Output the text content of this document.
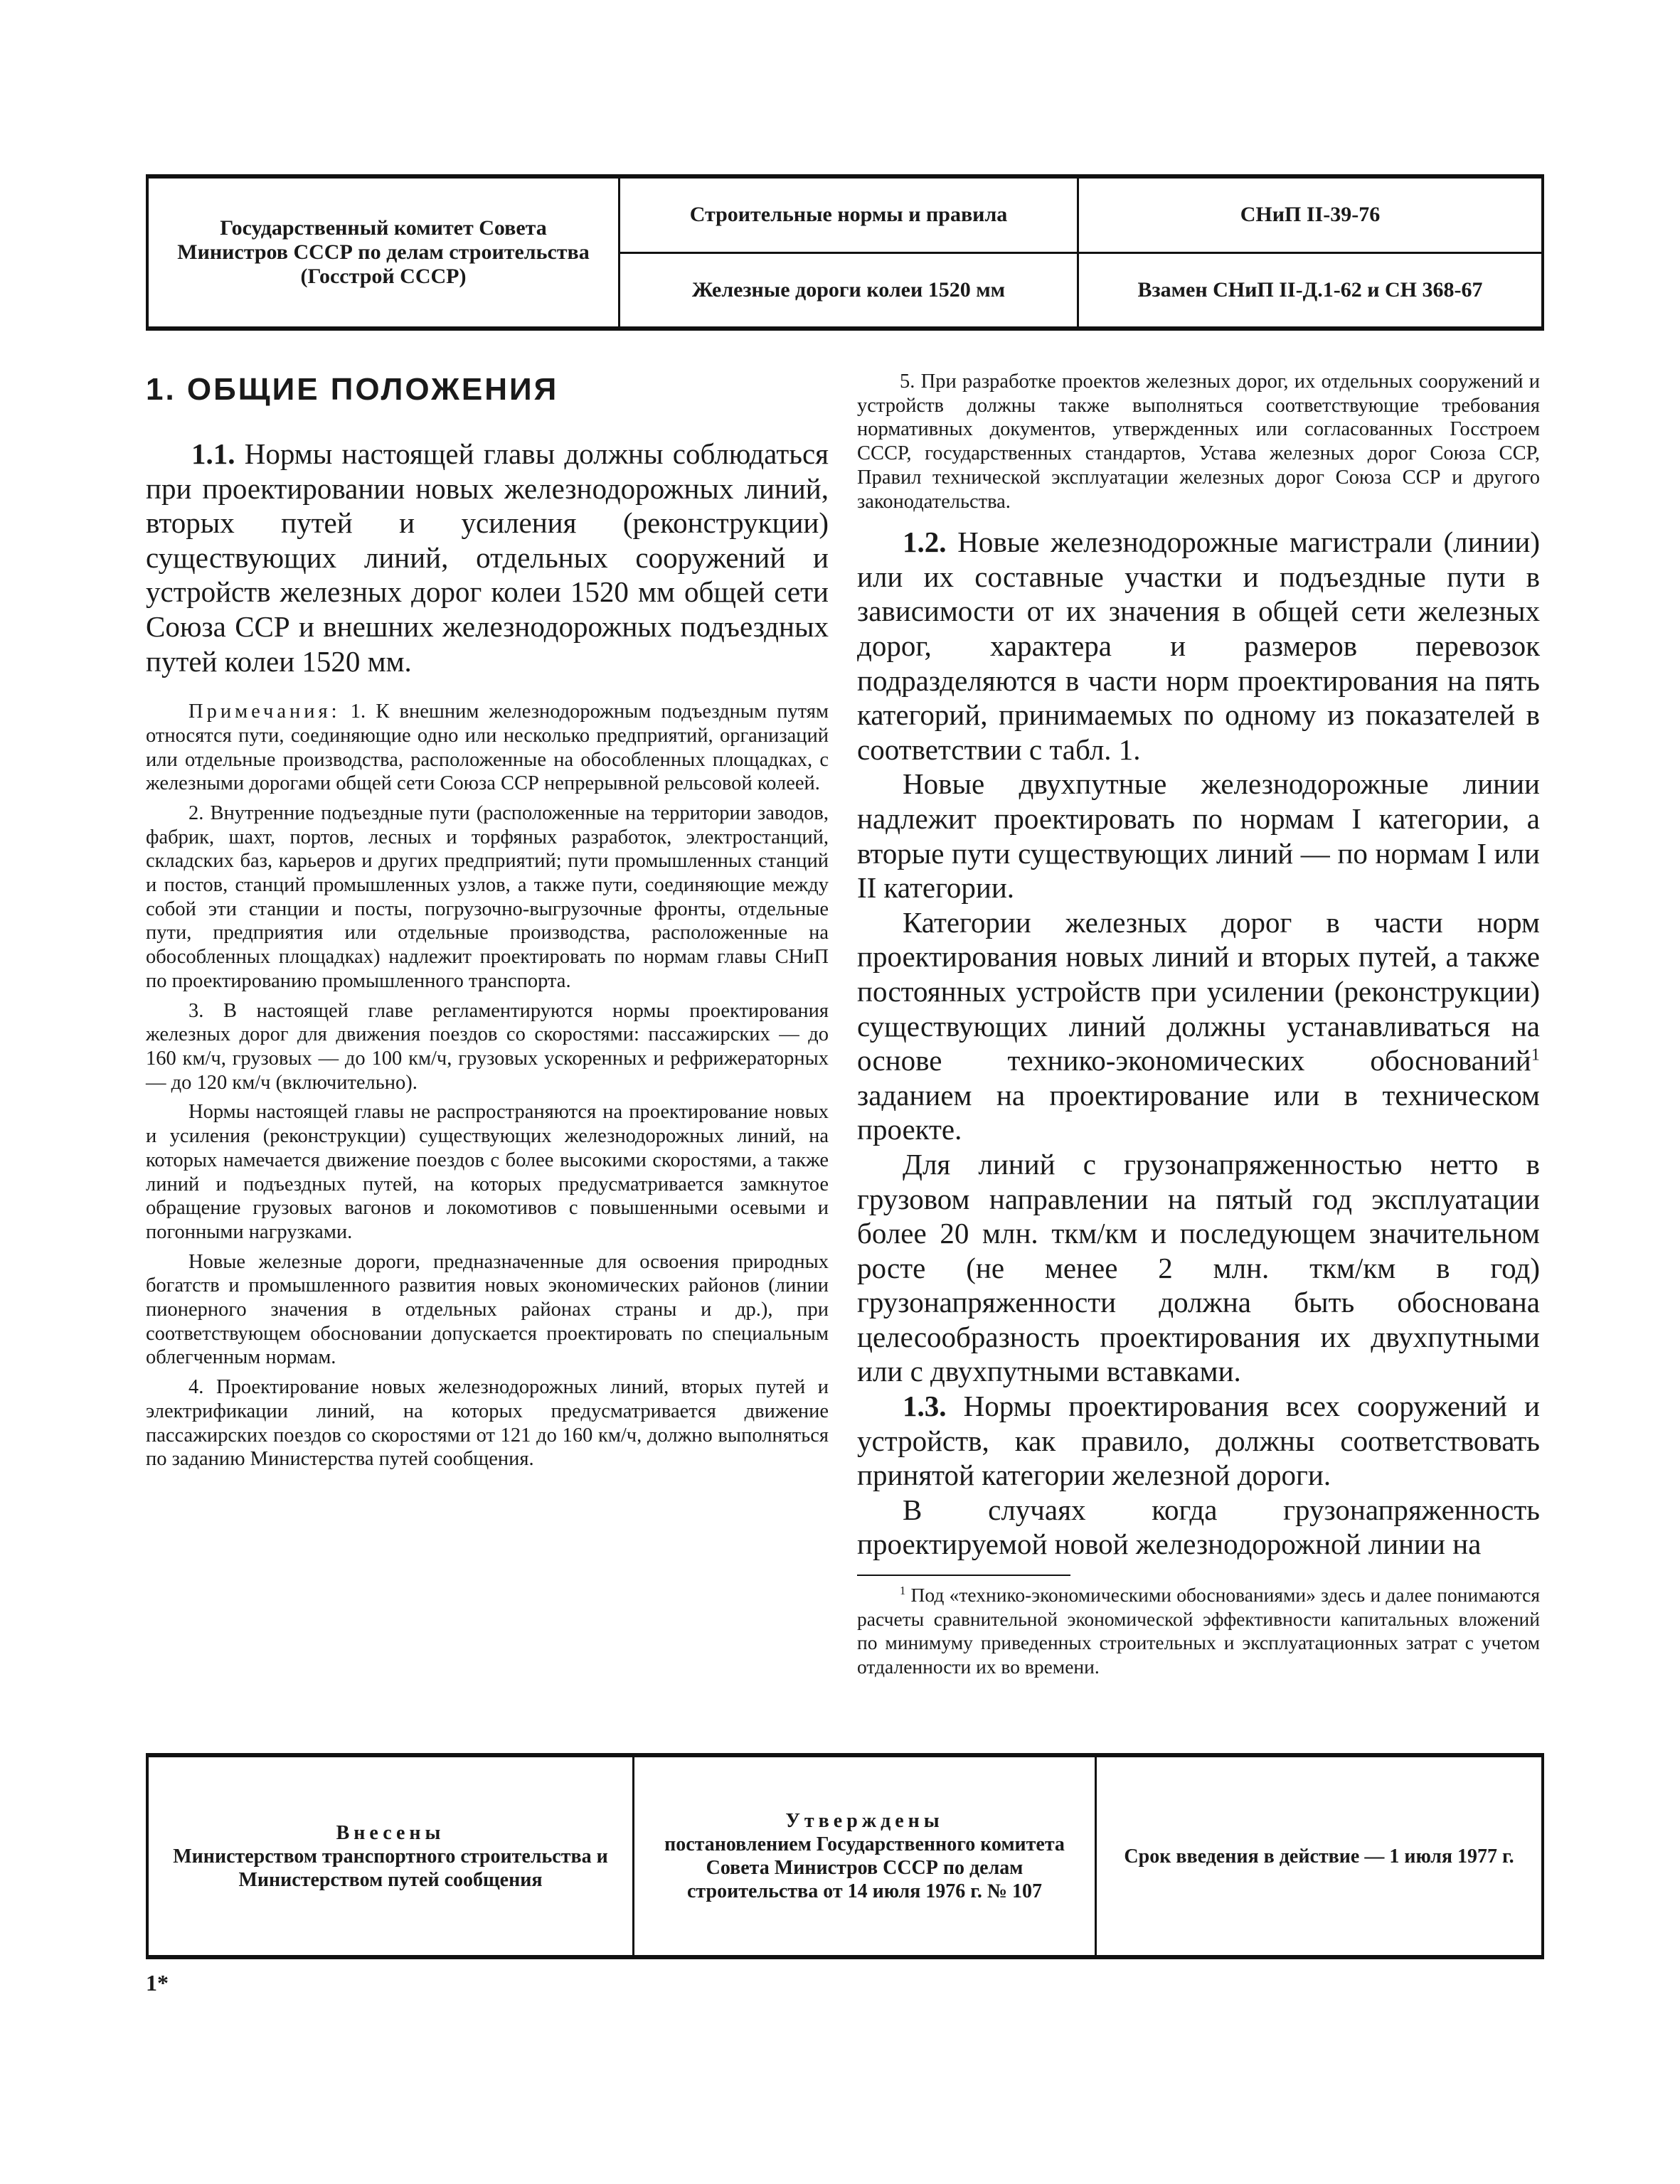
Государственный комитет Совета Министров СССР по делам строительства (Госстрой СССР)
Строительные нормы и правила
Железные дороги колеи 1520 мм
СНиП II-39-76
Взамен СНиП II-Д.1-62 и СН 368-67
1. ОБЩИЕ ПОЛОЖЕНИЯ

1.1. Нормы настоящей главы должны соблюдаться при проектировании новых железнодорожных линий, вторых путей и усиления (реконструкции) существующих линий, отдельных сооружений и устройств железных дорог колеи 1520 мм общей сети Союза ССР и внешних железнодорожных подъездных путей колеи 1520 мм.

Примечания: 1. К внешним железнодорожным подъездным путям относятся пути, соединяющие одно или несколько предприятий, организаций или отдельные производства, расположенные на обособленных площадках, с железными дорогами общей сети Союза ССР непрерывной рельсовой колеей.

2. Внутренние подъездные пути (расположенные на территории заводов, фабрик, шахт, портов, лесных и торфяных разработок, электростанций, складских баз, карьеров и других предприятий; пути промышленных станций и постов, станций промышленных узлов, а также пути, соединяющие между собой эти станции и посты, погрузочно-выгрузочные фронты, отдельные пути, предприятия или отдельные производства, расположенные на обособленных площадках) надлежит проектировать по нормам главы СНиП по проектированию промышленного транспорта.

3. В настоящей главе регламентируются нормы проектирования железных дорог для движения поездов со скоростями: пассажирских — до 160 км/ч, грузовых — до 100 км/ч, грузовых ускоренных и рефрижераторных — до 120 км/ч (включительно).

Нормы настоящей главы не распространяются на проектирование новых и усиления (реконструкции) существующих железнодорожных линий, на которых намечается движение поездов с более высокими скоростями, а также линий и подъездных путей, на которых предусматривается замкнутое обращение грузовых вагонов и локомотивов с повышенными осевыми и погонными нагрузками.

Новые железные дороги, предназначенные для освоения природных богатств и промышленного развития новых экономических районов (линии пионерного значения в отдельных районах страны и др.), при соответствующем обосновании допускается проектировать по специальным облегченным нормам.

4. Проектирование новых железнодорожных линий, вторых путей и электрификации линий, на которых предусматривается движение пассажирских поездов со скоростями от 121 до 160 км/ч, должно выполняться по заданию Министерства путей сообщения.

5. При разработке проектов железных дорог, их отдельных сооружений и устройств должны также выполняться соответствующие требования нормативных документов, утвержденных или согласованных Госстроем СССР, государственных стандартов, Устава железных дорог Союза ССР, Правил технической эксплуатации железных дорог Союза ССР и другого законодательства.

1.2. Новые железнодорожные магистрали (линии) или их составные участки и подъездные пути в зависимости от их значения в общей сети железных дорог, характера и размеров перевозок подразделяются в части норм проектирования на пять категорий, принимаемых по одному из показателей в соответствии с табл. 1.

Новые двухпутные железнодорожные линии надлежит проектировать по нормам I категории, а вторые пути существующих линий — по нормам I или II категории.

Категории железных дорог в части норм проектирования новых линий и вторых путей, а также постоянных устройств при усилении (реконструкции) существующих линий должны устанавливаться на основе технико-экономических обоснований$^1$ заданием на проектирование или в техническом проекте.

Для линий с грузонапряженностью нетто в грузовом направлении на пятый год эксплуатации более 20 млн. ткм/км и последующем значительном росте (не менее 2 млн. ткм/км в год) грузонапряженности должна быть обоснована целесообразность проектирования их двухпутными или с двухпутными вставками.

1.3. Нормы проектирования всех сооружений и устройств, как правило, должны соответствовать принятой категории железной дороги.

В случаях когда грузонапряженность проектируемой новой железнодорожной линии на

$^1$ Под «технико-экономическими обоснованиями» здесь и далее понимаются расчеты сравнительной экономической эффективности капитальных вложений по минимуму приведенных строительных и эксплуатационных затрат с учетом отдаленности их во времени.

Внесены
Министерством транспортного строительства и Министерством путей сообщения
Утверждены
постановлением Государственного комитета Совета Министров СССР по делам строительства от 14 июля 1976 г. № 107
Срок введения в действие — 1 июля 1977 г.
1*
